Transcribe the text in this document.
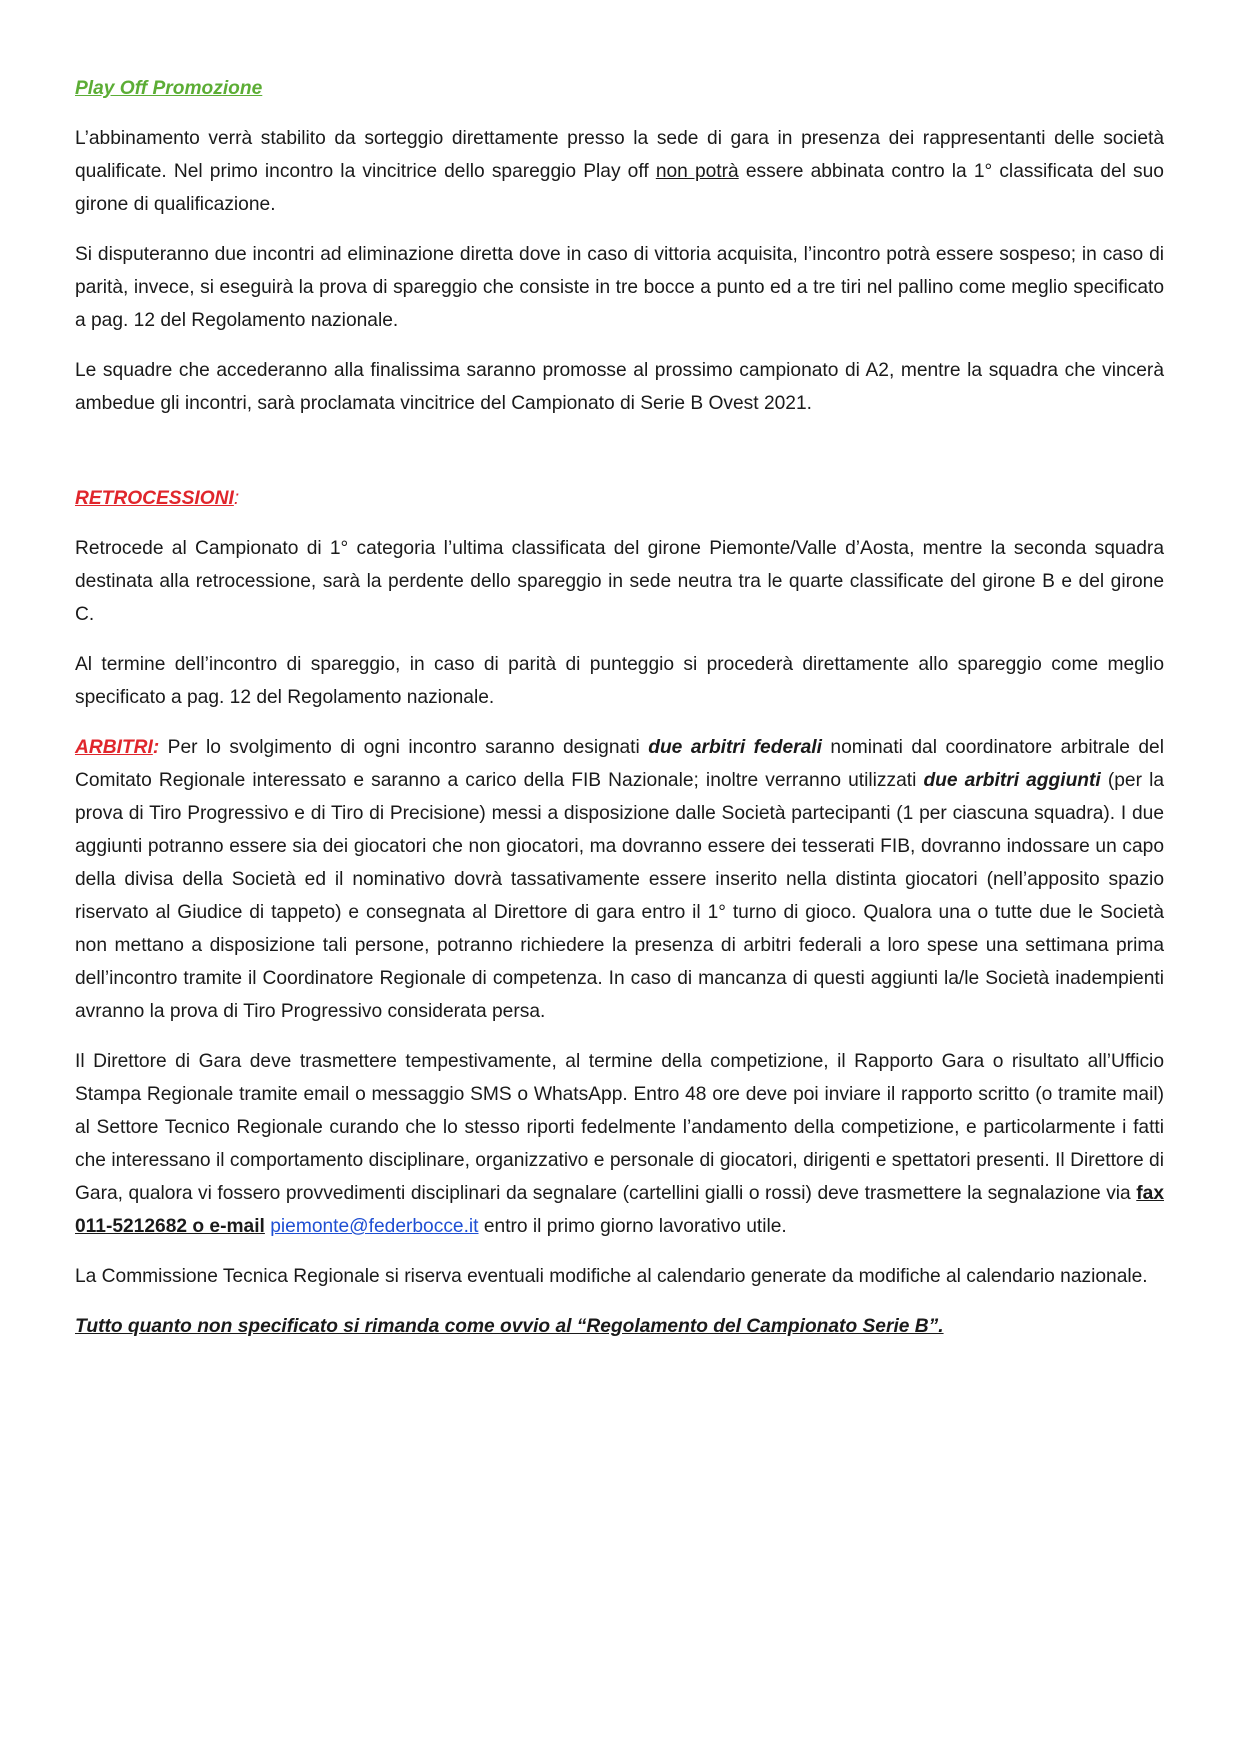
Play Off Promozione

L’abbinamento verrà stabilito da sorteggio direttamente presso la sede di gara in presenza dei rappresentanti delle società qualificate. Nel primo incontro la vincitrice dello spareggio Play off non potrà essere abbinata contro la 1° classificata del suo girone di qualificazione.

Si disputeranno due incontri ad eliminazione diretta dove in caso di vittoria acquisita, l’incontro potrà essere sospeso; in caso di parità, invece, si eseguirà la prova di spareggio che consiste in tre bocce a punto ed a tre tiri nel pallino come meglio specificato a pag. 12 del Regolamento nazionale.

Le squadre che accederanno alla finalissima saranno promosse al prossimo campionato di A2, mentre la squadra che vincerà ambedue gli incontri, sarà proclamata vincitrice del Campionato di Serie B Ovest 2021.

RETROCESSIONI:

Retrocede al Campionato di 1° categoria l’ultima classificata del girone Piemonte/Valle d’Aosta, mentre la seconda squadra destinata alla retrocessione, sarà la perdente dello spareggio in sede neutra tra le quarte classificate del girone B e del girone C.

Al termine dell’incontro di spareggio, in caso di parità di punteggio si procederà direttamente allo spareggio come meglio specificato a pag. 12 del Regolamento nazionale.

ARBITRI: Per lo svolgimento di ogni incontro saranno designati due arbitri federali nominati dal coordinatore arbitrale del Comitato Regionale interessato e saranno a carico della FIB Nazionale; inoltre verranno utilizzati due arbitri aggiunti (per la prova di Tiro Progressivo e di Tiro di Precisione) messi a disposizione dalle Società partecipanti (1 per ciascuna squadra). I due aggiunti potranno essere sia dei giocatori che non giocatori, ma dovranno essere dei tesserati FIB, dovranno indossare un capo della divisa della Società ed il nominativo dovrà tassativamente essere inserito nella distinta giocatori (nell’apposito spazio riservato al Giudice di tappeto) e consegnata al Direttore di gara entro il 1° turno di gioco. Qualora una o tutte due le Società non mettano a disposizione tali persone, potranno richiedere la presenza di arbitri federali a loro spese una settimana prima dell’incontro tramite il Coordinatore Regionale di competenza. In caso di mancanza di questi aggiunti la/le Società inadempienti avranno la prova di Tiro Progressivo considerata persa.

Il Direttore di Gara deve trasmettere tempestivamente, al termine della competizione, il Rapporto Gara o risultato all’Ufficio Stampa Regionale tramite email o messaggio SMS o WhatsApp. Entro 48 ore deve poi inviare il rapporto scritto (o tramite mail) al Settore Tecnico Regionale curando che lo stesso riporti fedelmente l’andamento della competizione, e particolarmente i fatti che interessano il comportamento disciplinare, organizzativo e personale di giocatori, dirigenti e spettatori presenti. Il Direttore di Gara, qualora vi fossero provvedimenti disciplinari da segnalare (cartellini gialli o rossi) deve trasmettere la segnalazione via fax 011-5212682 o e-mail piemonte@federbocce.it entro il primo giorno lavorativo utile.

La Commissione Tecnica Regionale si riserva eventuali modifiche al calendario generate da modifiche al calendario nazionale.

Tutto quanto non specificato si rimanda come ovvio al “Regolamento del Campionato Serie B”.
